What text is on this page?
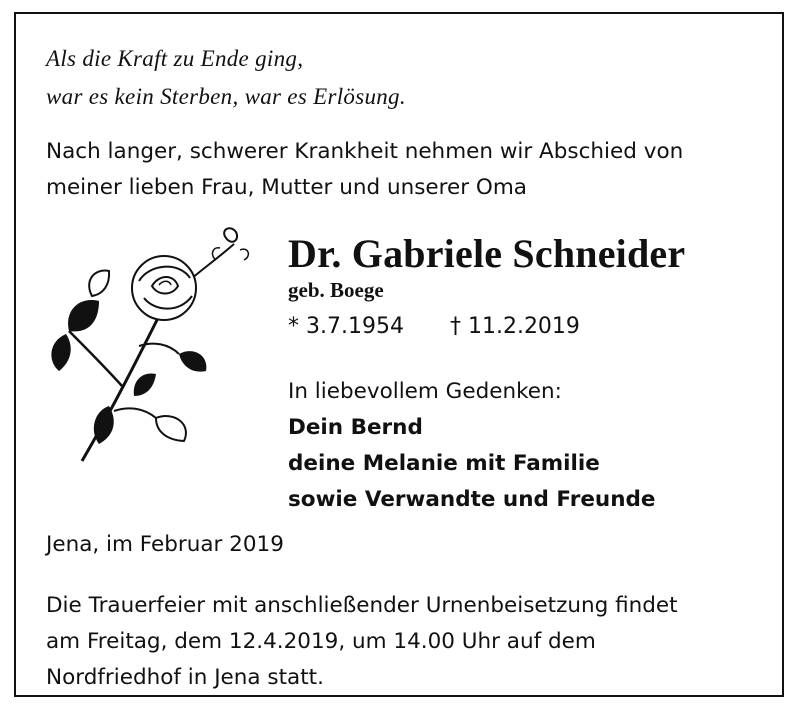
Als die Kraft zu Ende ging,
war es kein Sterben, war es Erlösung.
Nach langer, schwerer Krankheit nehmen wir Abschied von
meiner lieben Frau, Mutter und unserer Oma
Dr. Gabriele Schneider
geb. Boege
* 3.7.1954 † 11.2.2019
In liebevollem Gedenken:
Dein Bernd
deine Melanie mit Familie
sowie Verwandte und Freunde
Jena, im Februar 2019
Die Trauerfeier mit anschließender Urnenbeisetzung findet
am Freitag, dem 12.4.2019, um 14.00 Uhr auf dem
Nordfriedhof in Jena statt.
